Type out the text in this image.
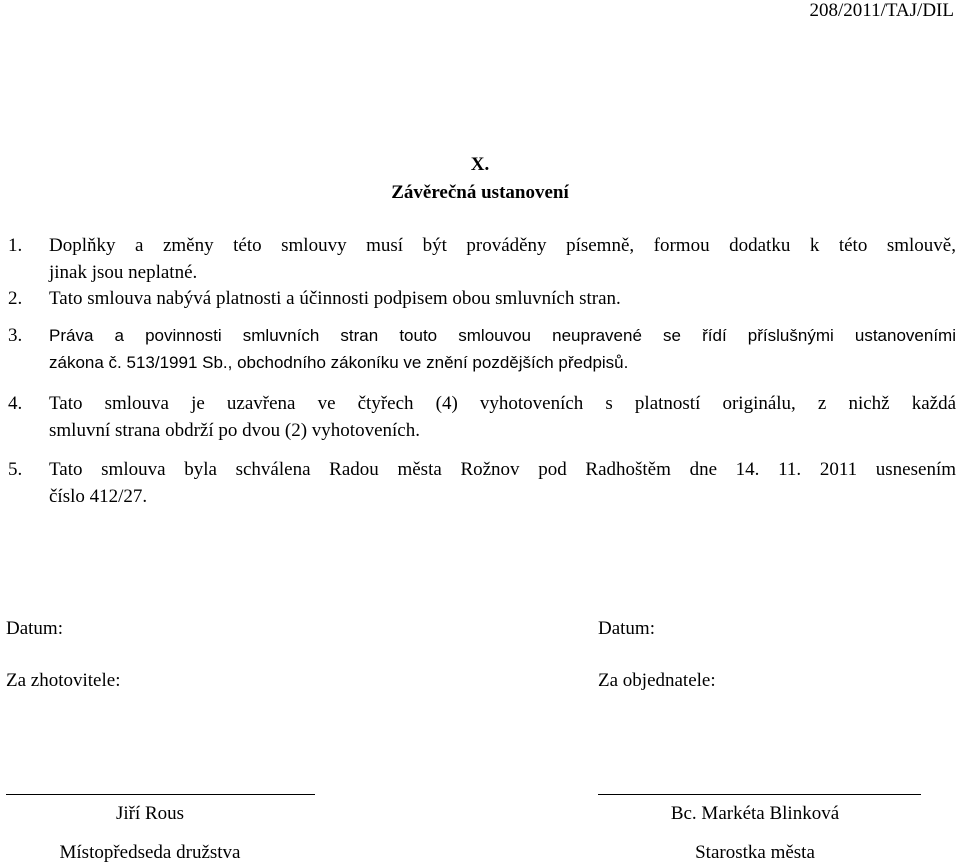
208/2011/TAJ/DIL
X.
Závěrečná ustanovení
1. Doplňky a změny této smlouvy musí být prováděny písemně, formou dodatku k této smlouvě,
jinak jsou neplatné.
2. Tato smlouva nabývá platnosti a účinnosti podpisem obou smluvních stran.
3. Práva a povinnosti smluvních stran touto smlouvou neupravené se řídí příslušnými ustanoveními
zákona č. 513/1991 Sb., obchodního zákoníku ve znění pozdějších předpisů.
4. Tato smlouva je uzavřena ve čtyřech (4) vyhotoveních s platností originálu, z nichž každá
smluvní strana obdrží po dvou (2) vyhotoveních.
5. Tato smlouva byla schválena Radou města Rožnov pod Radhoštěm dne 14. 11. 2011 usnesením
číslo 412/27.
Datum:
Za zhotovitele:
Jiří Rous
Místopředseda družstva
Datum:
Za objednatele:
Bc. Markéta Blinková
Starostka města
